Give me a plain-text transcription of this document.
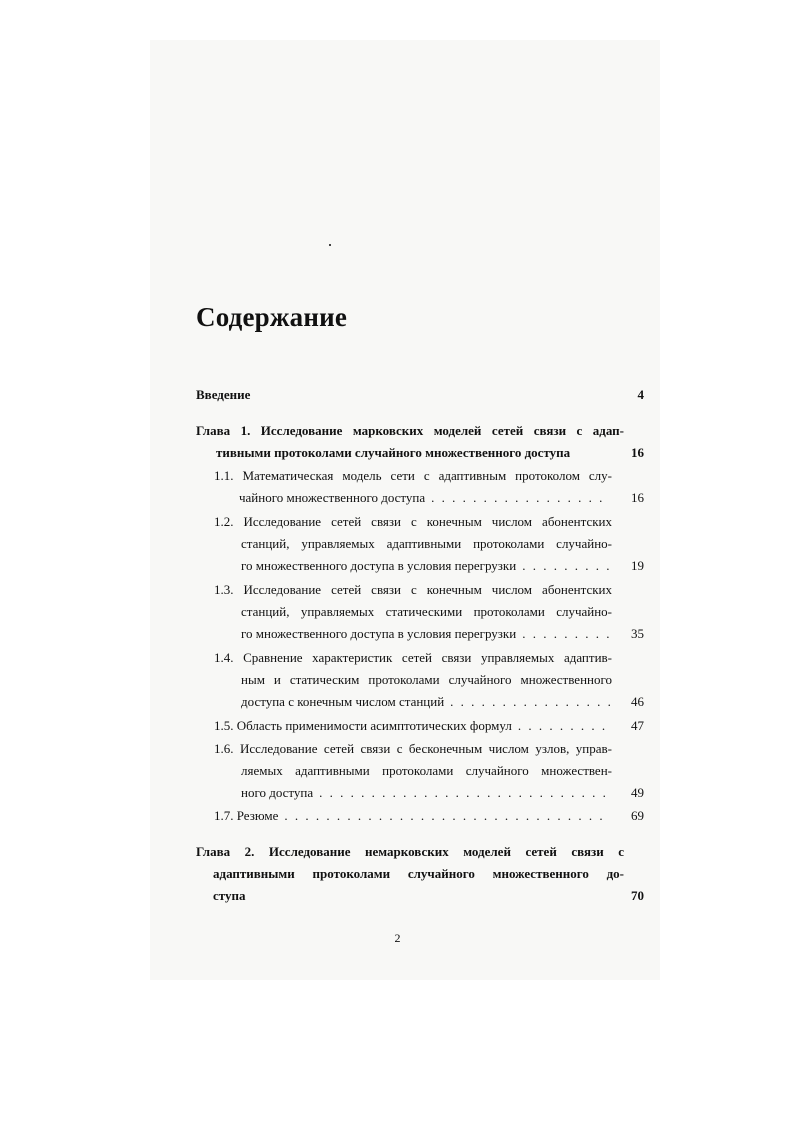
Содержание
Введение	4
Глава 1. Исследование марковских моделей сетей связи с адап-
тивными протоколами случайного множественного доступа	16
1.1. Математическая модель сети с адаптивным протоколом слу-
чайного множественного доступа . . .	16
1.2. Исследование сетей связи с конечным числом абонентских
станций, управляемых адаптивными протоколами случайно-
го множественного доступа в условия перегрузки . . .	19
1.3. Исследование сетей связи с конечным числом абонентских
станций, управляемых статическими протоколами случайно-
го множественного доступа в условия перегрузки . . .	35
1.4. Сравнение характеристик сетей связи управляемых адаптив-
ным и статическим протоколами случайного множественного
доступа с конечным числом станций . . .	46
1.5. Область применимости асимптотических формул . . .	47
1.6. Исследование сетей связи с бесконечным числом узлов, управ-
ляемых адаптивными протоколами случайного множествен-
ного доступа . . .	49
1.7. Резюме . . .	69
Глава 2. Исследование немарковских моделей сетей связи с
адаптивными протоколами случайного множественного до-
ступа	70
2
